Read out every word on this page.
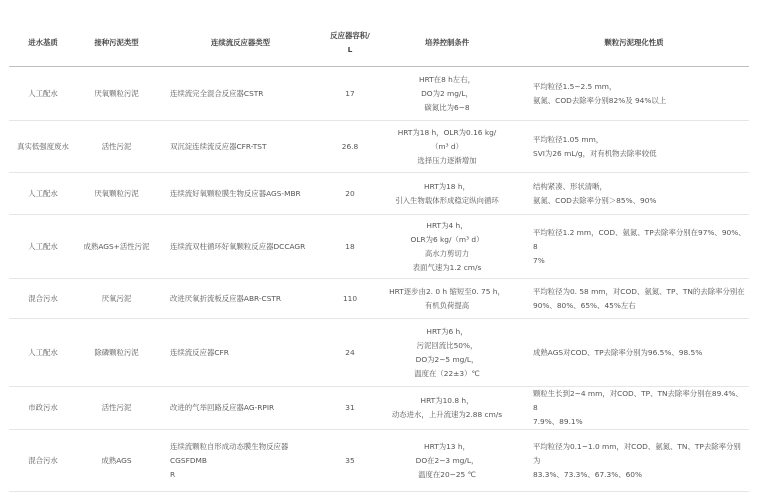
进水基质	接种污泥类型	连续流反应器类型	反应器容积/
L	培养控制条件	颗粒污泥理化性质
人工配水	厌氧颗粒污泥	连续流完全混合反应器CSTR	17	HRT在8 h左右，
DO为2 mg/L，
碳氮比为6~8	平均粒径1.5~2.5 mm，
氨氮、COD去除率分别82%及 94%以上

真实低强度废水	活性污泥	双沉淀连续流反应器CFR-TST	26.8	HRT为18 h，OLR为0.16 kg/
（m³ d）
选择压力逐渐增加	平均粒径1.05 mm，
SVI为26 mL/g，对有机物去除率较低

人工配水	厌氧颗粒污泥	连续流好氧颗粒膜生物反应器AGS-MBR	20	HRT为18 h，
引入生物载体形成稳定纵向循环	结构紧凑、形状清晰，
氨氮、COD去除率分别＞85%、90%

人工配水	成熟AGS+活性污泥	连续流双柱循环好氧颗粒反应器DCCAGR	18	HRT为4 h，
OLR为6 kg/（m³ d）
高水力剪切力
表面气速为1.2 cm/s	平均粒径1.2 mm，COD、氨氮、TP去除率分别在97%、90%、8
7%

混合污水	厌氧污泥	改进厌氧折流板反应器ABR-CSTR	110	HRT逐步由2. 0 h 缩短至0. 75 h，
有机负荷提高	平均粒径为0. 58 mm，对COD、氨氮、TP、TN的去除率分别在
90%、80%、65%、45%左右

人工配水	除磷颗粒污泥	连续流反应器CFR	24	HRT为6 h，
污泥回流比50%，
DO为2~5 mg/L，
温度在（22±3）℃	成熟AGS对COD、TP去除率分别为96.5%、98.5%

市政污水	活性污泥	改进的气举回路反应器AG-RPIR	31	HRT为10.8 h，
动态进水，上升流速为2.88 cm/s	颗粒生长到2~4 mm，对COD、TP、TN去除率分别在89.4%、8
7.9%、89.1%

混合污水	成熟AGS	连续流颗粒自形成动态膜生物反应器CGSFDMB
R	35	HRT为13 h，
DO在2~3 mg/L，
温度在20~25 ℃	平均粒径为0.1~1.0 mm，对COD、氨氮、TN、TP去除率分别为
83.3%、73.3%、67.3%、60%
